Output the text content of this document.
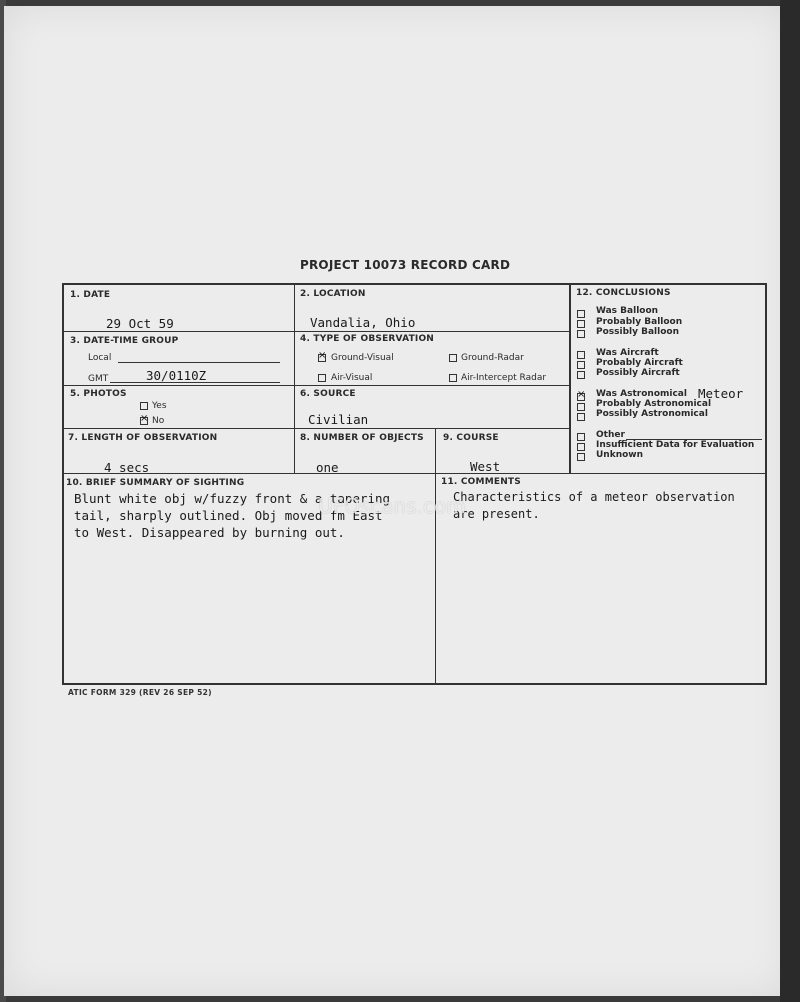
PROJECT 10073 RECORD CARD
1. DATE
29 Oct 59
2. LOCATION
Vandalia, Ohio
3. DATE-TIME GROUP
Local
GMT	30/0110Z
4. TYPE OF OBSERVATION
×
Ground-Visual	Ground-Radar
Air-Visual	Air-Intercept Radar
5. PHOTOS
Yes
×
No
6. SOURCE
Civilian
7. LENGTH OF OBSERVATION
4 secs
8. NUMBER OF OBJECTS
one
9. COURSE
West
10. BRIEF SUMMARY OF SIGHTING
Blunt white obj w/fuzzy front & a tapering
tail, sharply outlined. Obj moved fm East
to West. Disappeared by burning out.
11. COMMENTS
Characteristics of a meteor observation
are present.
12. CONCLUSIONS
Was Balloon
Probably Balloon
Possibly Balloon
Was Aircraft
Probably Aircraft
Possibly Aircraft
×
Was Astronomical Meteor
Probably Astronomical
Possibly Astronomical
Other
Insufficient Data for Evaluation
Unknown
UFOscans.com
ATIC FORM 329 (REV 26 SEP 52)
